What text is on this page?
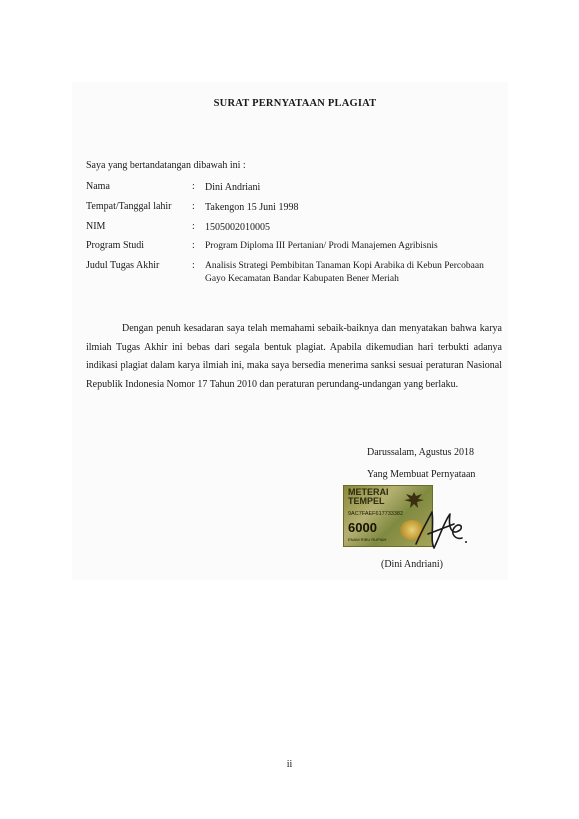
SURAT PERNYATAAN PLAGIAT
Saya yang bertandatangan dibawah ini :
Nama	: Dini Andriani
Tempat/Tanggal lahir : Takengon 15 Juni 1998
NIM	: 1505002010005
Program Studi	: Program Diploma III Pertanian/ Prodi Manajemen Agribisnis
Judul Tugas Akhir	: Analisis Strategi Pembibitan Tanaman Kopi Arabika di Kebun Percobaan Gayo Kecamatan Bandar Kabupaten Bener Meriah
Dengan penuh kesadaran saya telah memahami sebaik-baiknya dan menyatakan bahwa karya ilmiah Tugas Akhir ini bebas dari segala bentuk plagiat. Apabila dikemudian hari terbukti adanya indikasi plagiat dalam karya ilmiah ini, maka saya bersedia menerima sanksi sesuai peraturan Nasional Republik Indonesia Nomor 17 Tahun 2010 dan peraturan perundang-undangan yang berlaku.
Darussalam, Agustus 2018
Yang Membuat Pernyataan
METERAI
TEMPEL
9AC7FAEF617733382
6000
ENAM RIBU RUPIAH
(Dini Andriani)
ii
